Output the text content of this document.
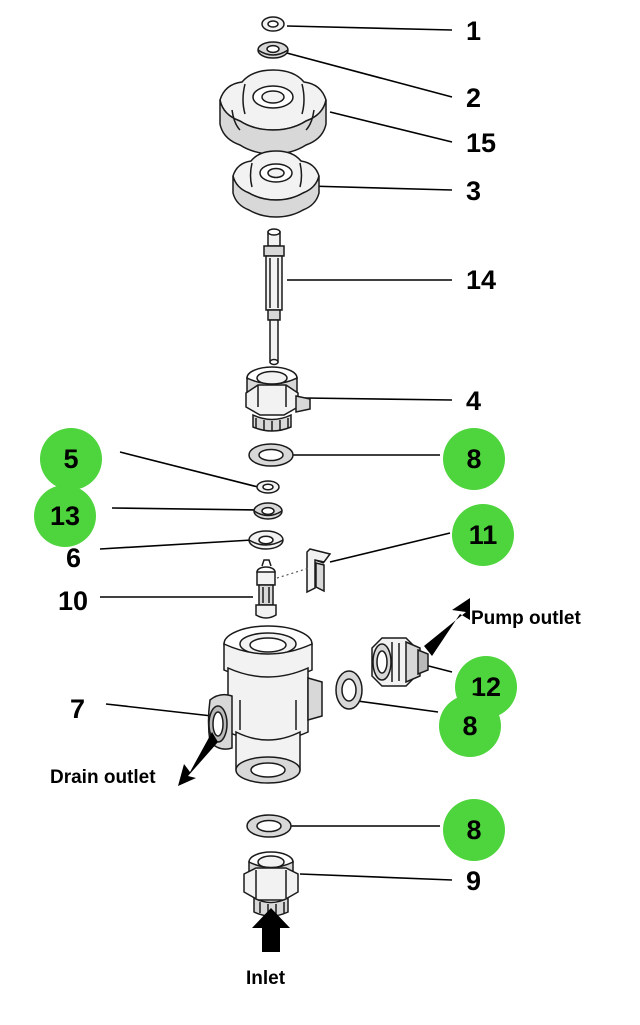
5
13
8
11
12
8
8
1
2
15
3
14
4
6
10
7
9
Pump outlet
Drain outlet
Inlet
